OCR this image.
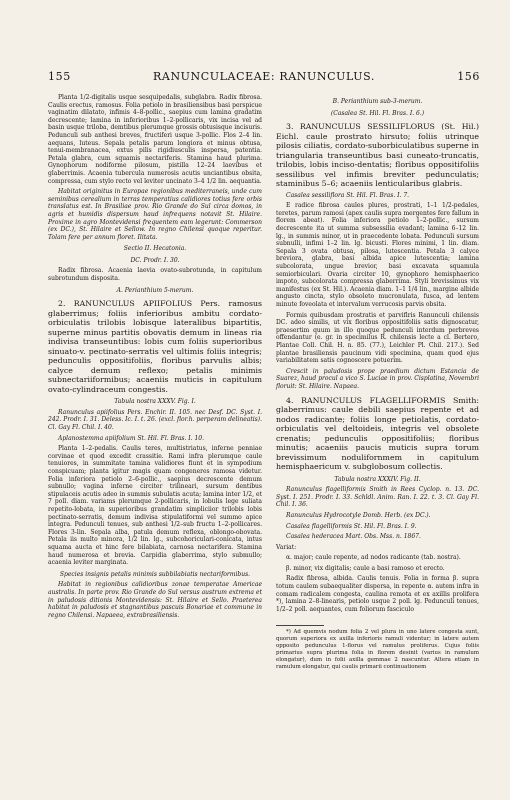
155	RANUNCULACEAE: RANUNCULUS.	156

Planta 1/2-digitalis usque sesquipedalis, subglabra. Radix fibrosa. Caulis erectus, ramosus. Folia petiolo in brasiliensibus basi perspicue vaginatim dilatato, infimis 4–8-pollic., saepius cum lamina gradatim decrescente; lamina in inferioribus 1–2-pollicaris, vix incisa vel ad basin usque triloba, demtibus plerumque grossis obtusisque incisuris. Pedunculi sub anthesi breves, fructiferi usque 3-pollic. Flos 2–4 lin. aequans, luteus. Sepala petalis parum longiora et minus obtusa, tenui-membranacea, extus pilis rigidiusculis inspersa, patentia. Petala glabra, cum squamis nectariferis. Stamina haud plurima. Gynophorum nodiforme pilosum, pistilla 12–24 laevibus et glaberrimis. Acaenia tubercula numerosis acutis unciantibus obsita, compressa, cum stylo recto vel leviter uncinato 3–4 1/2 lin. aequantia.

Habitat originitus in Europae regionibus mediterraneis, unde cum seminibus cerealium in terras temperatius calidiores totius fere orbis translatus est. In Brasiliae prov. Rio Grande do Sul circa domos, in agris et humidis dispersum haud infrequens notavit St. Hilaire. Proxime in agro Montevidensi frequentem eam legerunt: Commerson (ex DC.), St. Hilaire et Sellow. In regno Chilensi quoque reperitur. Tolam fere per annum floret. Ilitata.

Sectio II. Hecatonia.

DC. Prodr. I. 30.

Radix fibrosa. Acaenia laevia ovato-subrotunda, in capitulum subrotundum disposita.

A. Perianthium 5-merum.

2. RANUNCULUS APIIFOLIUS Pers. ramosus glaberrimus; foliis inferioribus ambitu cordato-orbiculatis trilobis lobisque lateralibus bipartitis, superne minus partitis obovatis demum in lineas ria indivisa transeuntibus: lobis cum foliis superioribus sinuato-v. pectinato-serratis vel ultimis foliis integris; pedunculis oppositifoliis, floribus parvulis albis; calyce demum reflexo; petalis minimis subnectariiformibus; acaeniis muticis in capitulum ovato-cylindraceum congestis.

Tabula nostra XXXV. Fig. I.

Ranunculus apiifolius Pers. Enchir. II. 105. nec Desf. DC. Syst. I. 242. Prodr. I. 31. Deless. Ic. I. t. 26. (excl. flor.h. perperam delineatis). Cl. Gay Fl. Chil. I. 40.

Aplanostemma apiifolium St. Hil. Fl. Bras. I. 10.

Planta 1–2-pedalis. Caulis teres, multistriatus, inferne penniae corvinae et quod excedit crassitie. Rami infra plerumque caule tenuiores, in summitate tamina validiores fiunt et in sympodium conspicuam; planta igitur magis quam congeneres ramosa videtur. Folia inferiora petiolo 2–6-pollic., saepius decrescente demum subnullo; vagina inferne circiter trilineari, sursum dentibus stipulaceis acutis adeo in summis subulatis acuta; lamina inter 1/2, et 7 poll. diam. variams plerumque 2-pollicaris, in lobulis lege suliata repetito-lobata, in superioribus grandatim simpliciior trilobis lobis pectinato-serratis, demum indivisa stipulatiformi vel summo apice integra. Pedunculi tenues, sub anthesi 1/2–sub fructu 1–2-pollicares. Flores 3-lin. Sepala alba, patula demum reflexa, oblongo-obovata. Petala iis multo minora, 1/2 lin. lg., subcohoriculari-conicata, intus squama aucta et hinc fere bilabiata, carnosa nectarifera. Stamina haud numerosa et brevia. Carpidia glaberrima, stylo submullo; acaenia leviter marginata.

Species insignis petalis minimis subbilabiatis nectariformibus.

Habitat in regionibus calidioribus zonae temperatae Americae australis. In parte prov. Rio Grande do Sul versus austrum extrema et in paludosis ditionis Montevidensis: St. Hilaire et Sello. Praeterea habitat in paludosis et stagnantibus pascuis Bonariae et commune in regno Chilensi. Napaeea, extrabrasiliensis.

B. Perianthium sub-3-merum.

(Casalea St. Hil. Fl. Bras. I. 6.)

3. RANUNCULUS SESSILIFLORUS (St. Hil.) Eichl. caule prostrato hirsuto; foliis utrinque pilosis ciliatis, cordato-suborbiculatibus superne in triangularia transeuntibus basi cuneato-truncatis, trilobis, lobis inciso-dentatis; floribus oppositifoliis sessilibus vel infimis breviter pedunculatis; staminibus 5–6; acaeniis lenticularibus glabris.

Casalea sessiliflora St. Hil. Fl. Bras. I. 7.

E radice fibrosa caules plures, prostrati, 1–1 1/2-pedales, teretes, parum ramosi (apex caulis supra mergentes fere fallum in florem abeat). Folia inferiora petiolo 1–2-pollic., sursum decrescente ita ut summa subsessilia evadant; lamina 6–12 lin. lg., in summis minor, ut in praecedente lobata. Pedunculi sursum subnulli, infimi 1–2 lin. lg. bicusti. Flores minimi, 1 lin. diam. Sepala 3 ovata obtusa, pilosa, lutescentia. Petala 3 calyce breviora, glabra, basi albida apice lutescentia; lamina subcolorata, ungue brevior, basi excavata squamula semiorbiculari. Ovaria circiter 10, gynophoro hemisphaerico impoto, subcolorata compressa glaberrima. Styli brevissimus vix manifestus (ex St. Hil.). Acaenia diam. 1–1 1/4 lin., margine albide angusto cincta, stylo obsoleto mucronulata, fusca, ad lentem minute foveolata et intervalum verrucosis parvis obsita.

Formis quibusdam prostratis et parviflris Ranunculi chilensis DC. adeo similis, ut vix floribus oppositifoliis satis dignoscatur, praesertim quum in illo quoque pedunculi interdum perbreves offendantur (e. gr. in specimilus R. chilensis lecte a cl. Bertero, Plantae Coll. Chil. H. n. 85. (77.), Leichler Pl. Chil. 217.). Sed plantae brasiliensis paucinum vidi specimina, quam quod ejus variabilitatem satis cognoscere potuerim.

Crescit in paludosis prope praedium dictum Estancia de Suarez, haud procul a vico S. Luciae in prov. Cisplatina, Novembri floruit: St. Hilaire. Napaea.

4. RANUNCULUS FLAGELLIFORMIS Smith: glaberrimus: caule debili saepius repente et ad nodos radicante; foliis longe petiolatis, cordato-orbiculatis vel deltoideis, integris vel obsolete crenatis; pedunculis oppositifoliis; floribus minutis; acaeniis paucis muticis supra torum brevissimum nodulifornmem in capitulum hemisphaericum v. subglobosum collectis.

Tabula nostra XXXIV. Fig. II.

Ranunculus flagelliformis Smith in Rees Cyclop. n. 13. DC. Syst. I. 251. Prodr. I. 33. Schldl. Anim. Ran. I. 22. t. 3. Cl. Gay Fl. Chil. I. 36.

Ranunculus Hydrocotyle Domb. Herb. (ex DC.).

Casalea flagelliformis St. Hil. Fl. Bras. I. 9.

Casalea hederacea Mart. Obs. Mss. n. 1867.

Variat:

α. major; caule repente, ad nodos radicante (tab. nostra).

β. minor, vix digitalis; caule a basi ramoso et erecto.

Radix fibrosa, albida. Caulis tenuis. Folia in forma β. supra totum caulem subaequaliter dispersa, in repente α. autem infra in comam radicalem congesta, caulina remota et ex axillis prolifera *), lamina 2–8-linearis, petiolo usque 2 poll. lg. Pedunculi tenues, 1/2–2 poll. aequantes, cum foliorum fasciculo

*) Ad quemvis nodum folia 2 vel plura in uno latere congesta sunt, quorum superiora ex axilla inferioris ramuli videntur; in latere autem opposito pedunculus 1-florus vel ramulus proliferus. Cujus foliis primarius supra plurima folia in florem desinit (varius in ramulum elongatur), dum in folii axilla gemmae 2 nascuntur. Altera etiam in ramulum elongatur, qui caulis primarii continuationem
